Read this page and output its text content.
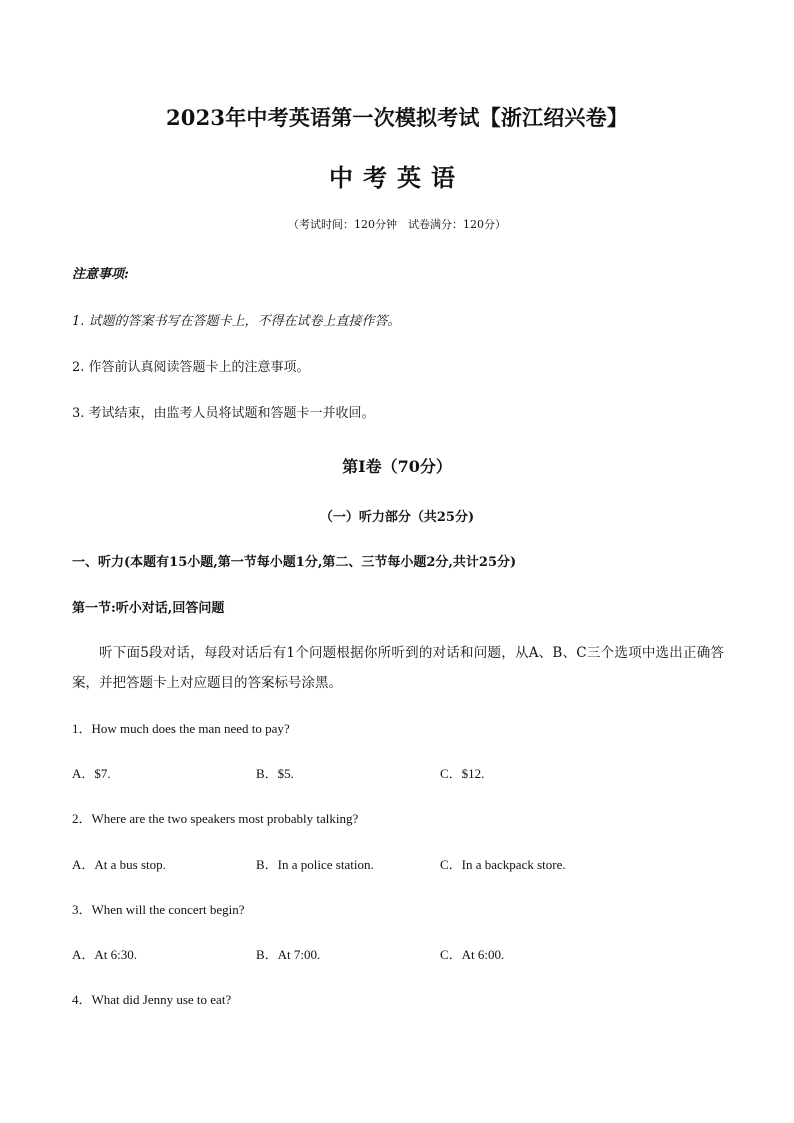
2023年中考英语第一次模拟考试【浙江绍兴卷】
中考英语
（考试时间：120分钟　试卷满分：120分）
注意事项:
1. 试题的答案书写在答题卡上，不得在试卷上直接作答。
2. 作答前认真阅读答题卡上的注意事项。
3. 考试结束，由监考人员将试题和答题卡一并收回。
第I卷（70分）
（一）听力部分（共25分)
一、听力(本题有15小题,第一节每小题1分,第二、三节每小题2分,共计25分)
第一节:听小对话,回答问题
听下面5段对话，每段对话后有1个问题根据你所听到的对话和问题，从A、B、C三个选项中选出正确答案，并把答题卡上对应题目的答案标号涂黑。
1．How much does the man need to pay?
A．$7.	B．$5.	C．$12.
2．Where are the two speakers most probably talking?
A．At a bus stop.	B．In a police station.	C．In a backpack store.
3．When will the concert begin?
A．At 6:30.	B．At 7:00.	C．At 6:00.
4．What did Jenny use to eat?
